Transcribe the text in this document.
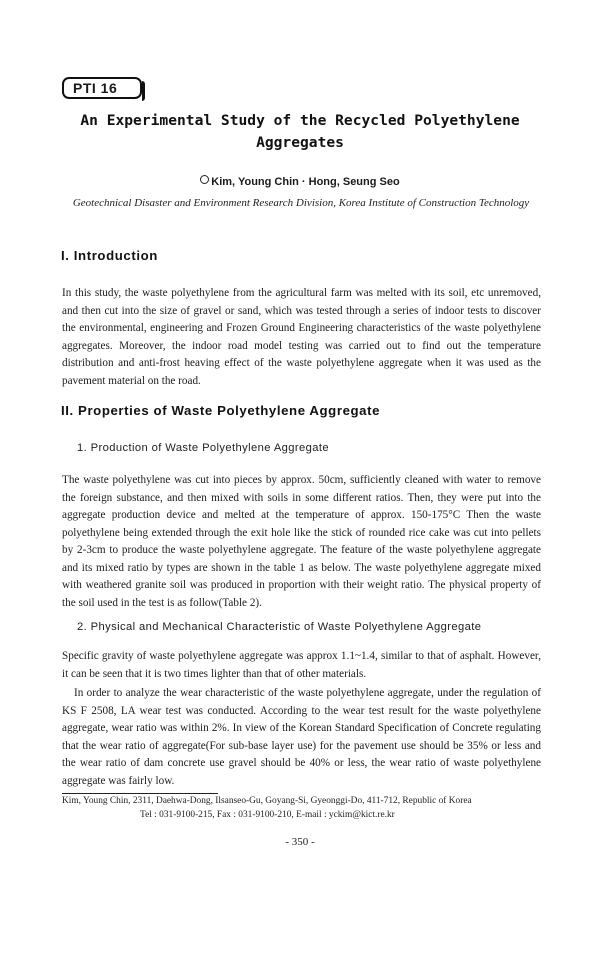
PTI 16
An Experimental Study of the Recycled Polyethylene
Aggregates
Kim, Young Chin · Hong, Seung Seo
Geotechnical Disaster and Environment Research Division, Korea Institute of Construction Technology
I. Introduction
In this study, the waste polyethylene from the agricultural farm was melted with its soil, etc unremoved, and then cut into the size of gravel or sand, which was tested through a series of indoor tests to discover the environmental, engineering and Frozen Ground Engineering characteristics of the waste polyethylene aggregates. Moreover, the indoor road model testing was carried out to find out the temperature distribution and anti-frost heaving effect of the waste polyethylene aggregate when it was used as the pavement material on the road.
II. Properties of Waste Polyethylene Aggregate
1. Production of Waste Polyethylene Aggregate
The waste polyethylene was cut into pieces by approx. 50cm, sufficiently cleaned with water to remove the foreign substance, and then mixed with soils in some different ratios. Then, they were put into the aggregate production device and melted at the temperature of approx. 150-175°C Then the waste polyethylene being extended through the exit hole like the stick of rounded rice cake was cut into pellets by 2-3cm to produce the waste polyethylene aggregate. The feature of the waste polyethylene aggregate and its mixed ratio by types are shown in the table 1 as below. The waste polyethylene aggregate mixed with weathered granite soil was produced in proportion with their weight ratio. The physical property of the soil used in the test is as follow(Table 2).
2. Physical and Mechanical Characteristic of Waste Polyethylene Aggregate
Specific gravity of waste polyethylene aggregate was approx 1.1~1.4, similar to that of asphalt. However, it can be seen that it is two times lighter than that of other materials.
In order to analyze the wear characteristic of the waste polyethylene aggregate, under the regulation of KS F 2508, LA wear test was conducted. According to the wear test result for the waste polyethylene aggregate, wear ratio was within 2%. In view of the Korean Standard Specification of Concrete regulating that the wear ratio of aggregate(For sub-base layer use) for the pavement use should be 35% or less and the wear ratio of dam concrete use gravel should be 40% or less, the wear ratio of waste polyethylene aggregate was fairly low.
Kim, Young Chin, 2311, Daehwa-Dong, Ilsanseo-Gu, Goyang-Si, Gyeonggi-Do, 411-712, Republic of Korea
Tel : 031-9100-215, Fax : 031-9100-210, E-mail : yckim@kict.re.kr
- 350 -
